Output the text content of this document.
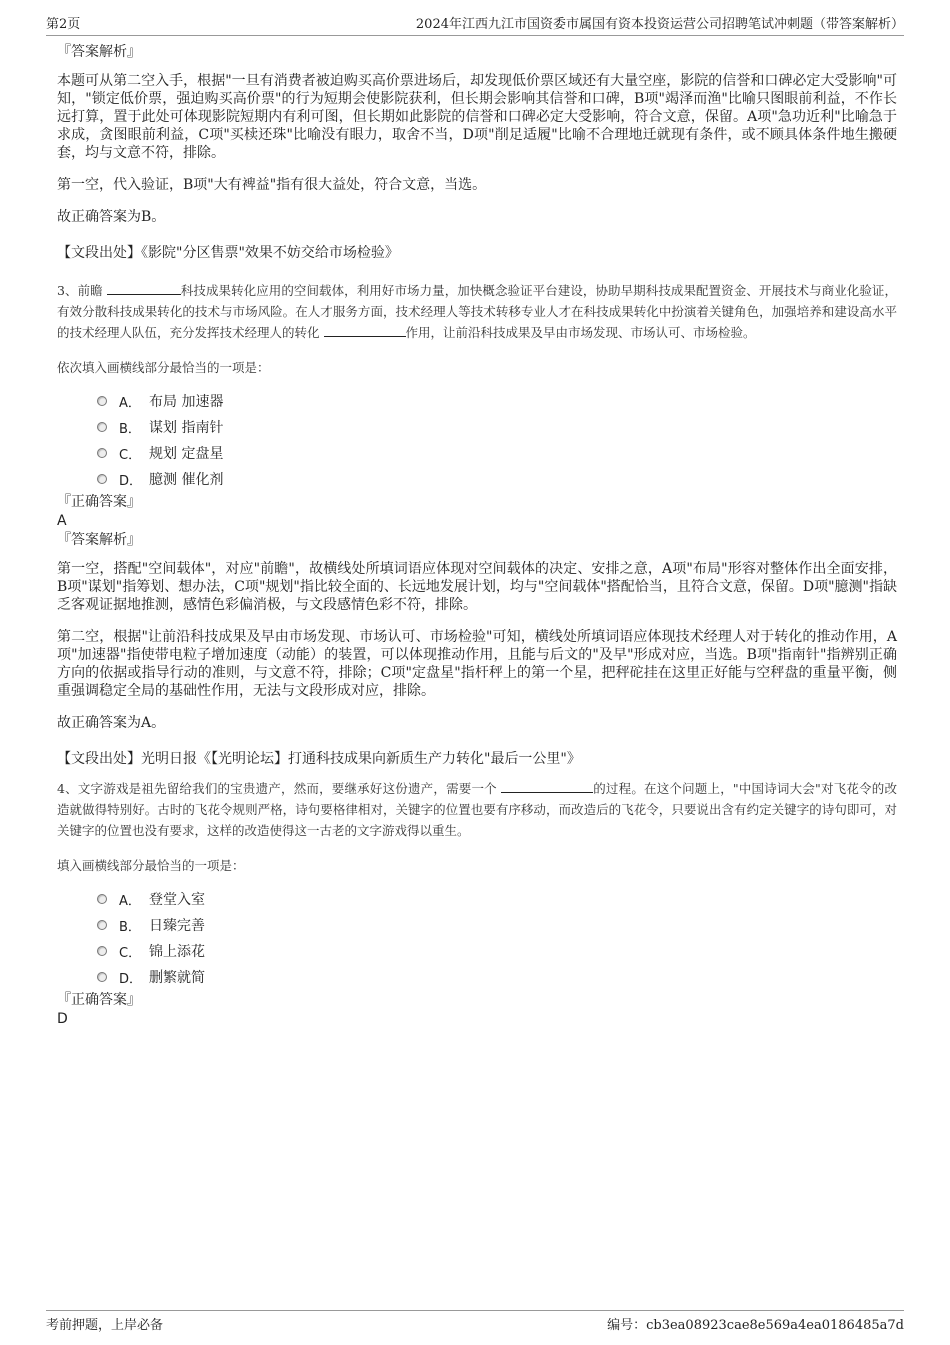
第2页	2024年江西九江市国资委市属国有资本投资运营公司招聘笔试冲刺题（带答案解析）

『答案解析』

本题可从第二空入手，根据"一旦有消费者被迫购买高价票进场后，却发现低价票区域还有大量空座，影院的信誉和口碑必定大受影响"可知，"锁定低价票，强迫购买高价票"的行为短期会使影院获利，但长期会影响其信誉和口碑，B项"竭泽而渔"比喻只图眼前利益，不作长远打算，置于此处可体现影院短期内有利可图，但长期如此影院的信誉和口碑必定大受影响，符合文意，保留。A项"急功近利"比喻急于求成，贪图眼前利益，C项"买椟还珠"比喻没有眼力，取舍不当，D项"削足适履"比喻不合理地迁就现有条件，或不顾具体条件地生搬硬套，均与文意不符，排除。

第一空，代入验证，B项"大有裨益"指有很大益处，符合文意，当选。

故正确答案为B。

【文段出处】《影院"分区售票"效果不妨交给市场检验》

3、前瞻	科技成果转化应用的空间载体，利用好市场力量，加快概念验证平台建设，协助早期科技成果配置资金、开展技术与商业化验证，有效分散科技成果转化的技术与市场风险。在人才服务方面，技术经理人等技术转移专业人才在科技成果转化中扮演着关键角色，加强培养和建设高水平的技术经理人队伍，充分发挥技术经理人的转化	作用，让前沿科技成果及早由市场发现、市场认可、市场检验。

依次填入画横线部分最恰当的一项是：

A． 布局 加速器
B． 谋划 指南针
C． 规划 定盘星
D． 臆测 催化剂

『正确答案』

A

『答案解析』

第一空，搭配"空间载体"，对应"前瞻"，故横线处所填词语应体现对空间载体的决定、安排之意，A项"布局"形容对整体作出全面安排，B项"谋划"指筹划、想办法，C项"规划"指比较全面的、长远地发展计划，均与"空间载体"搭配恰当，且符合文意，保留。D项"臆测"指缺乏客观证据地推测，感情色彩偏消极，与文段感情色彩不符，排除。

第二空，根据"让前沿科技成果及早由市场发现、市场认可、市场检验"可知，横线处所填词语应体现技术经理人对于转化的推动作用，A项"加速器"指使带电粒子增加速度（动能）的装置，可以体现推动作用，且能与后文的"及早"形成对应，当选。B项"指南针"指辨别正确方向的依据或指导行动的准则，与文意不符，排除；C项"定盘星"指杆秤上的第一个星，把秤砣挂在这里正好能与空秤盘的重量平衡，侧重强调稳定全局的基础性作用，无法与文段形成对应，排除。

故正确答案为A。

【文段出处】光明日报《【光明论坛】打通科技成果向新质生产力转化"最后一公里"》

4、文字游戏是祖先留给我们的宝贵遗产，然而，要继承好这份遗产，需要一个	的过程。在这个问题上，"中国诗词大会"对飞花令的改造就做得特别好。古时的飞花令规则严格，诗句要格律相对，关键字的位置也要有序移动，而改造后的飞花令，只要说出含有约定关键字的诗句即可，对关键字的位置也没有要求，这样的改造使得这一古老的文字游戏得以重生。

填入画横线部分最恰当的一项是：

A． 登堂入室
B． 日臻完善
C． 锦上添花
D． 删繁就简

『正确答案』

D

考前押题，上岸必备	编号：cb3ea08923cae8e569a4ea0186485a7d
